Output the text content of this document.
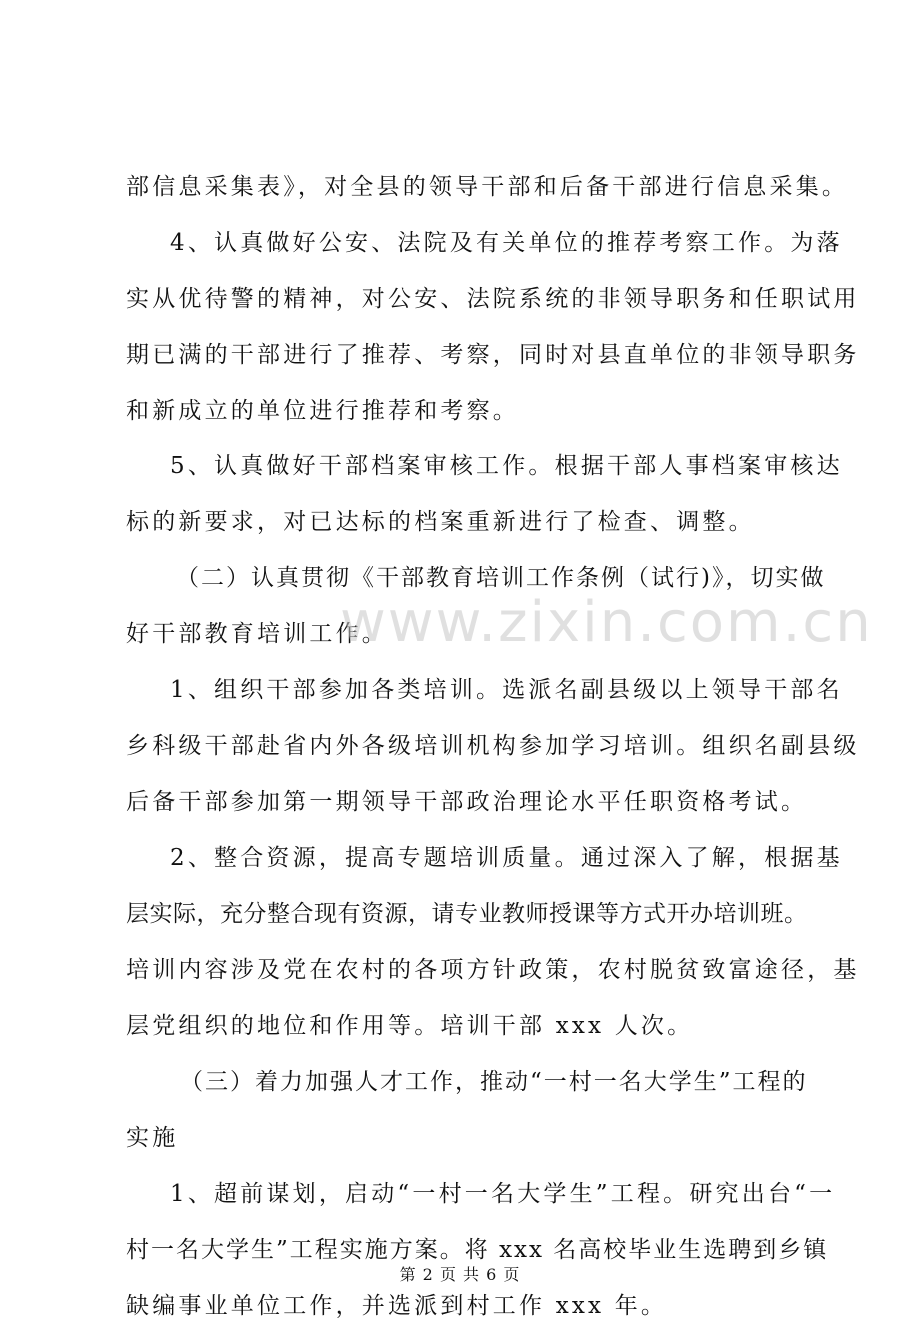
部信息采集表》，对全县的领导干部和后备干部进行信息采集。
4、认真做好公安、法院及有关单位的推荐考察工作。为落
实从优待警的精神，对公安、法院系统的非领导职务和任职试用
期已满的干部进行了推荐、考察，同时对县直单位的非领导职务
和新成立的单位进行推荐和考察。
5、认真做好干部档案审核工作。根据干部人事档案审核达
标的新要求，对已达标的档案重新进行了检查、调整。
（二）认真贯彻《干部教育培训工作条例（试行)》，切实做
好干部教育培训工作。
1、组织干部参加各类培训。选派名副县级以上领导干部名
乡科级干部赴省内外各级培训机构参加学习培训。组织名副县级
后备干部参加第一期领导干部政治理论水平任职资格考试。
2、整合资源，提高专题培训质量。通过深入了解，根据基
层实际，充分整合现有资源，请专业教师授课等方式开办培训班。
培训内容涉及党在农村的各项方针政策，农村脱贫致富途径，基
层党组织的地位和作用等。培训干部 xxx 人次。
（三）着力加强人才工作，推动“一村一名大学生”工程的
实施
1、超前谋划，启动“一村一名大学生”工程。研究出台“一
村一名大学生”工程实施方案。将 xxx 名高校毕业生选聘到乡镇
缺编事业单位工作，并选派到村工作 xxx 年。
www.zixin.com.cn
第 2 页 共 6 页
